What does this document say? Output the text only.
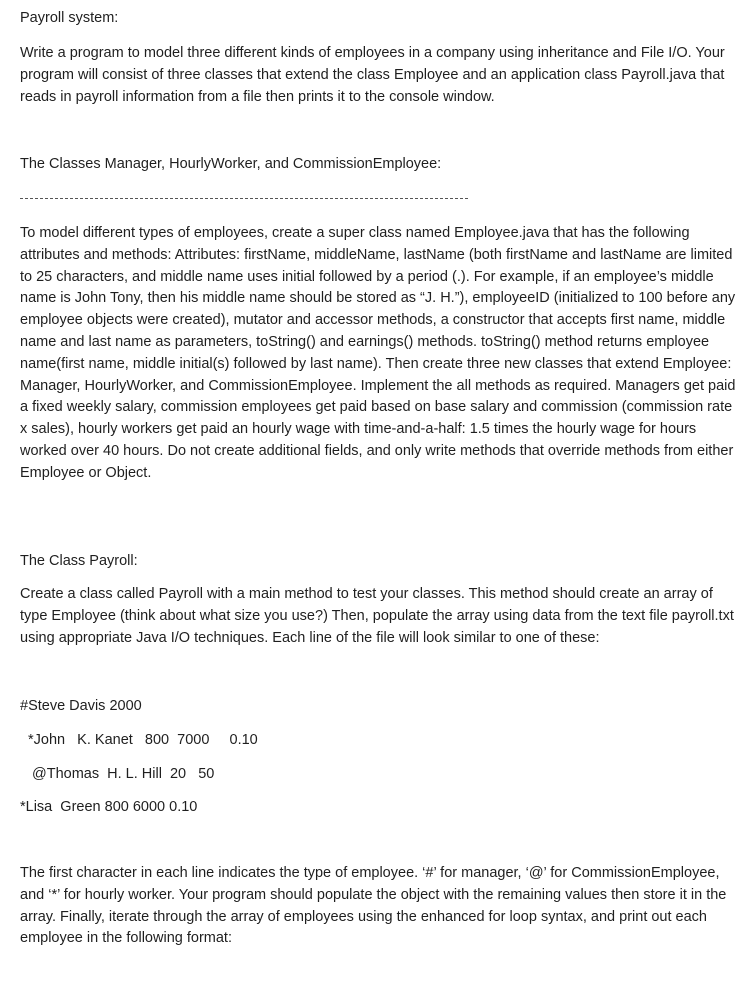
Payroll system:

Write a program to model three different kinds of employees in a company using inheritance and File I/O. Your program will consist of three classes that extend the class Employee and an application class Payroll.java that reads in payroll information from a file then prints it to the console window.

The Classes Manager, HourlyWorker, and CommissionEmployee:

To model different types of employees, create a super class named Employee.java that has the following attributes and methods: Attributes: firstName, middleName, lastName (both firstName and lastName are limited to 25 characters, and middle name uses initial followed by a period (.). For example, if an employee’s middle name is John Tony, then his middle name should be stored as “J. H.”), employeeID (initialized to 100 before any employee objects were created), mutator and accessor methods, a constructor that accepts first name, middle name and last name as parameters, toString() and earnings() methods. toString() method returns employee name(first name, middle initial(s) followed by last name). Then create three new classes that extend Employee: Manager, HourlyWorker, and CommissionEmployee. Implement the all methods as required. Managers get paid a fixed weekly salary, commission employees get paid based on base salary and commission (commission rate x sales), hourly workers get paid an hourly wage with time-and-a-half: 1.5 times the hourly wage for hours worked over 40 hours. Do not create additional fields, and only write methods that override methods from either Employee or Object.

The Class Payroll:

Create a class called Payroll with a main method to test your classes. This method should create an array of type Employee (think about what size you use?) Then, populate the array using data from the text file payroll.txt using appropriate Java I/O techniques. Each line of the file will look similar to one of these:

#Steve Davis 2000

*John   K. Kanet   800  7000     0.10

@Thomas  H. L. Hill  20   50

*Lisa  Green 800 6000 0.10

The first character in each line indicates the type of employee. ‘#’ for manager, ‘@’ for CommissionEmployee, and ‘*’ for hourly worker. Your program should populate the object with the remaining values then store it in the array. Finally, iterate through the array of employees using the enhanced for loop syntax, and print out each employee in the following format:
